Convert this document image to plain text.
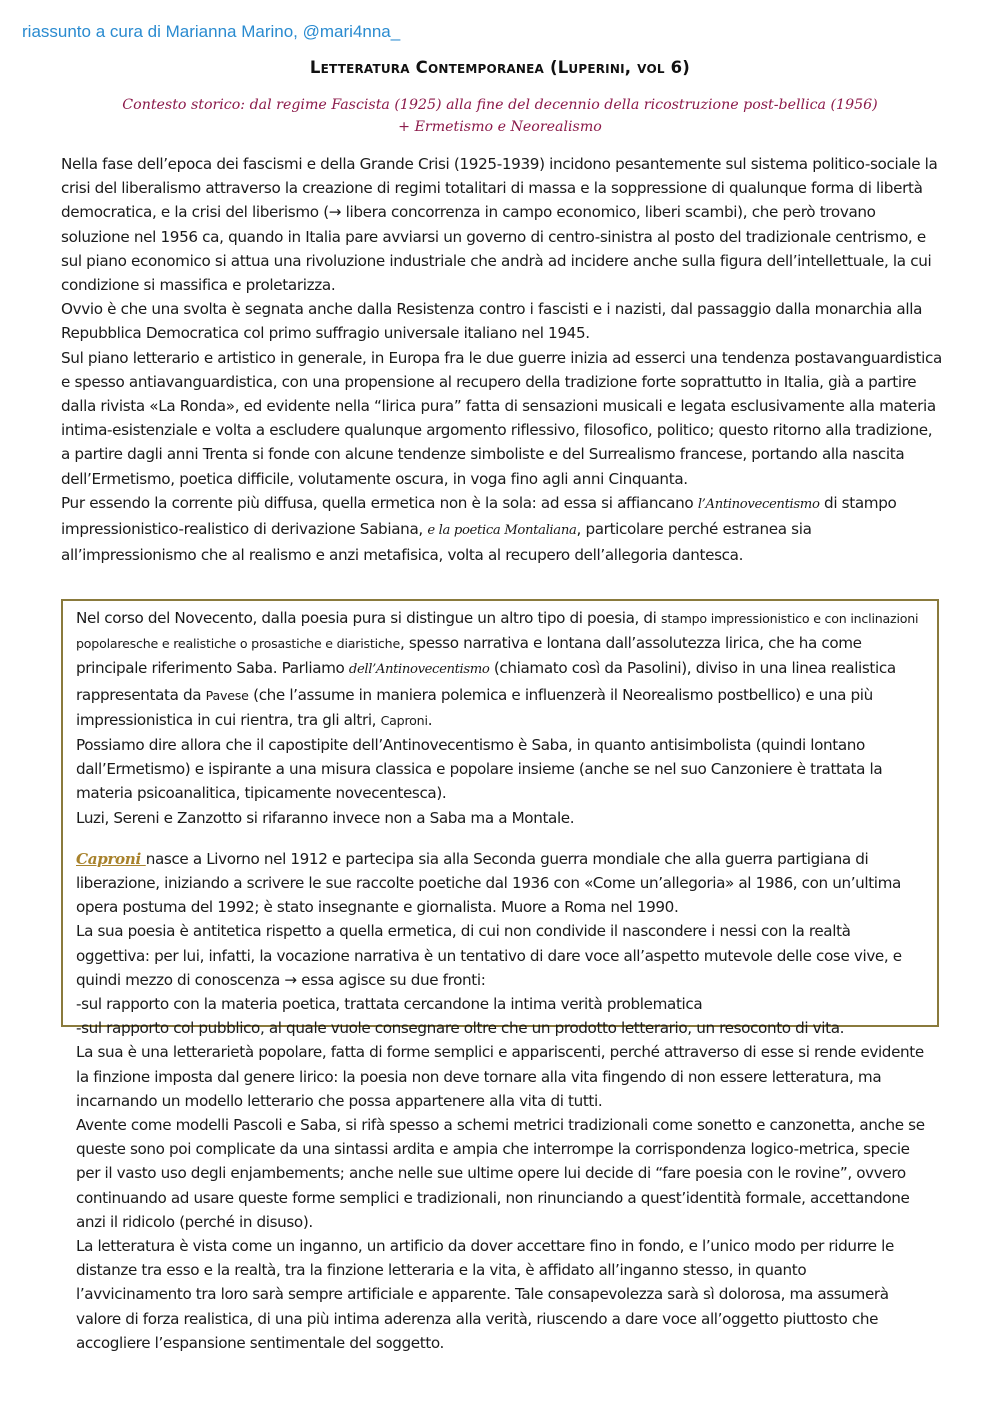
riassunto a cura di Marianna Marino, @mari4nna_
Letteratura Contemporanea (Luperini, vol 6)
Contesto storico: dal regime Fascista (1925) alla fine del decennio della ricostruzione post-bellica (1956)
+ Ermetismo e Neorealismo

Nella fase dell’epoca dei fascismi e della Grande Crisi (1925-1939) incidono pesantemente sul sistema politico-sociale la crisi del liberalismo attraverso la creazione di regimi totalitari di massa e la soppressione di qualunque forma di libertà democratica, e la crisi del liberismo (→ libera concorrenza in campo economico, liberi scambi), che però trovano soluzione nel 1956 ca, quando in Italia pare avviarsi un governo di centro-sinistra al posto del tradizionale centrismo, e sul piano economico si attua una rivoluzione industriale che andrà ad incidere anche sulla figura dell’intellettuale, la cui condizione si massifica e proletarizza.

Ovvio è che una svolta è segnata anche dalla Resistenza contro i fascisti e i nazisti, dal passaggio dalla monarchia alla Repubblica Democratica col primo suffragio universale italiano nel 1945.

Sul piano letterario e artistico in generale, in Europa fra le due guerre inizia ad esserci una tendenza postavanguardistica e spesso antiavanguardistica, con una propensione al recupero della tradizione forte soprattutto in Italia, già a partire dalla rivista «La Ronda», ed evidente nella “lirica pura” fatta di sensazioni musicali e legata esclusivamente alla materia intima-esistenziale e volta a escludere qualunque argomento riflessivo, filosofico, politico; questo ritorno alla tradizione, a partire dagli anni Trenta si fonde con alcune tendenze simboliste e del Surrealismo francese, portando alla nascita dell’Ermetismo, poetica difficile, volutamente oscura, in voga fino agli anni Cinquanta.

Pur essendo la corrente più diffusa, quella ermetica non è la sola: ad essa si affiancano l’Antinovecentismo di stampo impressionistico-realistico di derivazione Sabiana, e la poetica Montaliana, particolare perché estranea sia all’impressionismo che al realismo e anzi metafisica, volta al recupero dell’allegoria dantesca.

Nel corso del Novecento, dalla poesia pura si distingue un altro tipo di poesia, di stampo impressionistico e con inclinazioni popolaresche e realistiche o prosastiche e diaristiche, spesso narrativa e lontana dall’assolutezza lirica, che ha come principale riferimento Saba. Parliamo dell’Antinovecentismo (chiamato così da Pasolini), diviso in una linea realistica rappresentata da Pavese (che l’assume in maniera polemica e influenzerà il Neorealismo postbellico) e una più impressionistica in cui rientra, tra gli altri, Caproni.

Possiamo dire allora che il capostipite dell’Antinovecentismo è Saba, in quanto antisimbolista (quindi lontano dall’Ermetismo) e ispirante a una misura classica e popolare insieme (anche se nel suo Canzoniere è trattata la materia psicoanalitica, tipicamente novecentesca).

Luzi, Sereni e Zanzotto si rifaranno invece non a Saba ma a Montale.

Caproni nasce a Livorno nel 1912 e partecipa sia alla Seconda guerra mondiale che alla guerra partigiana di liberazione, iniziando a scrivere le sue raccolte poetiche dal 1936 con «Come un’allegoria» al 1986, con un’ultima opera postuma del 1992; è stato insegnante e giornalista. Muore a Roma nel 1990.

La sua poesia è antitetica rispetto a quella ermetica, di cui non condivide il nascondere i nessi con la realtà oggettiva: per lui, infatti, la vocazione narrativa è un tentativo di dare voce all’aspetto mutevole delle cose vive, e quindi mezzo di conoscenza → essa agisce su due fronti:

-sul rapporto con la materia poetica, trattata cercandone la intima verità problematica

-sul rapporto col pubblico, al quale vuole consegnare oltre che un prodotto letterario, un resoconto di vita.

La sua è una letterarietà popolare, fatta di forme semplici e appariscenti, perché attraverso di esse si rende evidente la finzione imposta dal genere lirico: la poesia non deve tornare alla vita fingendo di non essere letteratura, ma incarnando un modello letterario che possa appartenere alla vita di tutti.

Avente come modelli Pascoli e Saba, si rifà spesso a schemi metrici tradizionali come sonetto e canzonetta, anche se queste sono poi complicate da una sintassi ardita e ampia che interrompe la corrispondenza logico-metrica, specie per il vasto uso degli enjambements; anche nelle sue ultime opere lui decide di “fare poesia con le rovine”, ovvero continuando ad usare queste forme semplici e tradizionali, non rinunciando a quest’identità formale, accettandone anzi il ridicolo (perché in disuso).

La letteratura è vista come un inganno, un artificio da dover accettare fino in fondo, e l’unico modo per ridurre le distanze tra esso e la realtà, tra la finzione letteraria e la vita, è affidato all’inganno stesso, in quanto l’avvicinamento tra loro sarà sempre artificiale e apparente. Tale consapevolezza sarà sì dolorosa, ma assumerà valore di forza realistica, di una più intima aderenza alla verità, riuscendo a dare voce all’oggetto piuttosto che accogliere l’espansione sentimentale del soggetto.
